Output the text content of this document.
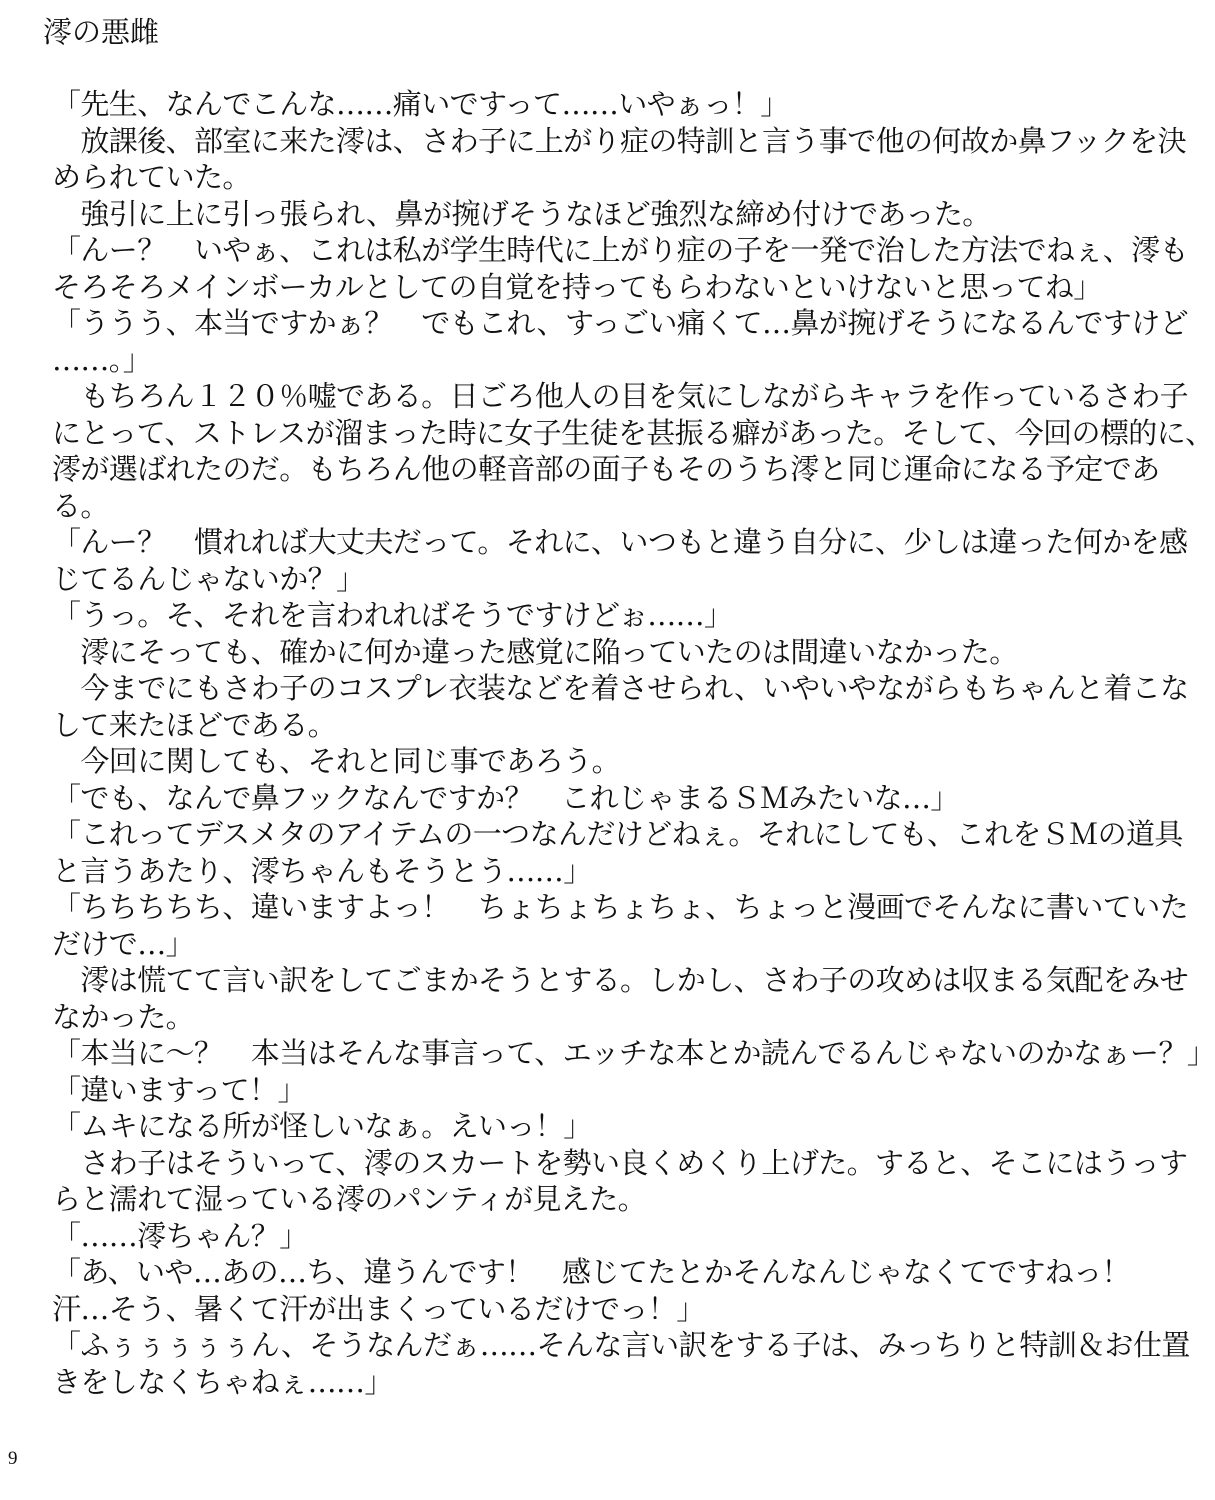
澪の悪雌
「先生、なんでこんな……痛いですって……いやぁっ！」
　放課後、部室に来た澪は、さわ子に上がり症の特訓と言う事で他の何故か鼻フックを決
められていた。
　強引に上に引っ張られ、鼻が捥げそうなほど強烈な締め付けであった。
「んー？　いやぁ、これは私が学生時代に上がり症の子を一発で治した方法でねぇ、澪も
そろそろメインボーカルとしての自覚を持ってもらわないといけないと思ってね」
「ううう、本当ですかぁ？　でもこれ、すっごい痛くて…鼻が捥げそうになるんですけど
……。」
　もちろん１２０％嘘である。日ごろ他人の目を気にしながらキャラを作っているさわ子
にとって、ストレスが溜まった時に女子生徒を甚振る癖があった。そして、今回の標的に、
澪が選ばれたのだ。もちろん他の軽音部の面子もそのうち澪と同じ運命になる予定であ
る。
「んー？　慣れれば大丈夫だって。それに、いつもと違う自分に、少しは違った何かを感
じてるんじゃないか？」
「うっ。そ、それを言われればそうですけどぉ……」
　澪にそっても、確かに何か違った感覚に陥っていたのは間違いなかった。
　今までにもさわ子のコスプレ衣装などを着させられ、いやいやながらもちゃんと着こな
して来たほどである。
　今回に関しても、それと同じ事であろう。
「でも、なんで鼻フックなんですか？　これじゃまるＳＭみたいな…」
「これってデスメタのアイテムの一つなんだけどねぇ。それにしても、これをＳＭの道具
と言うあたり、澪ちゃんもそうとう……」
「ちちちちち、違いますよっ！　ちょちょちょちょ、ちょっと漫画でそんなに書いていた
だけで…」
　澪は慌てて言い訳をしてごまかそうとする。しかし、さわ子の攻めは収まる気配をみせ
なかった。
「本当に～？　本当はそんな事言って、エッチな本とか読んでるんじゃないのかなぁー？」
「違いますって！」
「ムキになる所が怪しいなぁ。えいっ！」
　さわ子はそういって、澪のスカートを勢い良くめくり上げた。すると、そこにはうっす
らと濡れて湿っている澪のパンティが見えた。
「……澪ちゃん？」
「あ、いや…あの…ち、違うんです！　感じてたとかそんなんじゃなくてですねっ！
汗…そう、暑くて汗が出まくっているだけでっ！」
「ふぅぅぅぅぅん、そうなんだぁ……そんな言い訳をする子は、みっちりと特訓＆お仕置
きをしなくちゃねぇ……」
9
